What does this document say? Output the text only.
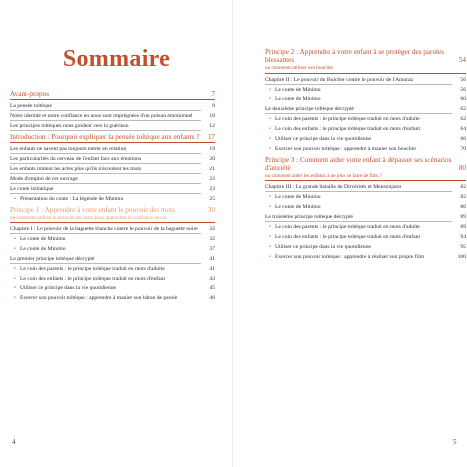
Sommaire
Avant-propos	7
La pensée toltèque	8
Notre identité et notre confiance en nous sont imprégnées d'un poison émotionnel	10
Les principes toltèques nous guident vers la guérison	12
Introduction : Pourquoi expliquer la pensée toltèque aux enfants ? 17
Les enfants ne savent pas toujours entrer en relation	19
Les particularités du cerveau de l'enfant face aux émotions	20
Les enfants imitent les actes plus qu'ils n'écoutent les mots	21
Mode d'emploi de cet ouvrage	22
Le conte initiatique	23
• Présentation du conte : La légende de Minimu	25
Principe 1 : Apprendre à votre enfant le pouvoir des mots	30
ou comment utiliser le pouvoir des mots pour apprendre la confiance en soi
Chapitre I : Le pouvoir de la baguette blanche contre le pouvoir de la baguette noire 32
• Le conte de Minimu	32
• Le conte de Minimo	37
Le premier principe toltèque décrypté	41
• Le coin des parents : le principe toltèque traduit en mots d'adulte	41
• Le coin des enfants : le principe toltèque traduit en mots d'enfant	43
• Utiliser ce principe dans la vie quotidienne	45
• Exercer son pouvoir toltèque : apprendre à manier son bâton de parole	46
4
Principe 2 : Apprendre à votre enfant à se protéger des paroles blessantes	54
ou comment utiliser son bouclier
Chapitre II : Le pouvoir du Bulclier contre le pouvoir de l'Amuraz	56
• Le conte de Minimu	56
• Le conte de Minimo	60
Le deuxième principe toltèque décrypté	62
• Le coin des parents : le principe toltèque traduit en mots d'adulte	62
• Le coin des enfants : le principe toltèque traduit en mots d'enfant	64
• Utiliser ce principe dans la vie quotidienne	66
• Exercer son pouvoir toltèque : apprendre à manier son bouclier	70
Principe 3 : Comment aider votre enfant à dépasser ses scénarios d'anxiété	80
ou comment aider les enfants à ne plus se faire de film ?
Chapitre III : La grande bataille de Dirvérités et Mensonjator	82
• Le conte de Minimu	82
• Le conte de Minimo	86
Le troisième principe toltèque décrypté	89
• Le coin des parents : le principe toltèque traduit en mots d'adulte	89
• Le coin des enfants : le principe toltèque traduit en mots d'enfant	94
• Utiliser ce principe dans la vie quotidienne	95
• Exercer son pouvoir toltèque : apprendre à réaliser son propre film	100
5
